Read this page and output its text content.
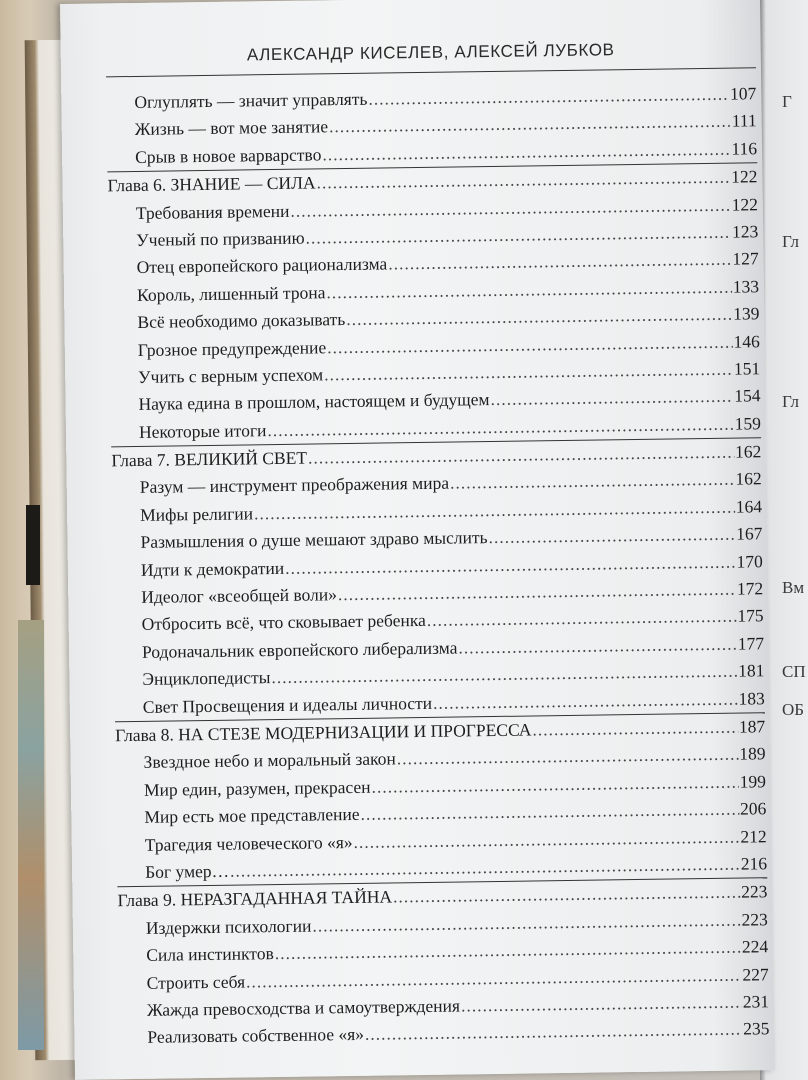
Г
Гл
Гл
Вм
СП
ОБ
АЛЕКСАНДР КИСЕЛЕВ, АЛЕКСЕЙ ЛУБКОВ
Оглуплять — значит управлять .....	107
Жизнь — вот мое занятие .....	111
Срыв в новое варварство .....	116
Глава 6. ЗНАНИЕ — СИЛА .....	122
Требования времени .....	122
Ученый по призванию .....	123
Отец европейского рационализма .....	127
Король, лишенный трона .....	133
Всё необходимо доказывать .....	139
Грозное предупреждение .....	146
Учить с верным успехом .....	151
Наука едина в прошлом, настоящем и будущем .....	154
Некоторые итоги .....	159
Глава 7. ВЕЛИКИЙ СВЕТ .....	162
Разум — инструмент преображения мира .....	162
Мифы религии .....	164
Размышления о душе мешают здраво мыслить .....	167
Идти к демократии .....	170
Идеолог «всеобщей воли» .....	172
Отбросить всё, что сковывает ребенка .....	175
Родоначальник европейского либерализма .....	177
Энциклопедисты .....	181
Свет Просвещения и идеалы личности .....	183
Глава 8. НА СТЕЗЕ МОДЕРНИЗАЦИИ И ПРОГРЕССА .....	187
Звездное небо и моральный закон .....	189
Мир един, разумен, прекрасен .....	199
Мир есть мое представление .....	206
Трагедия человеческого «я» .....	212
Бог умер… .....	216
Глава 9. НЕРАЗГАДАННАЯ ТАЙНА .....	223
Издержки психологии .....	223
Сила инстинктов .....	224
Строить себя .....	227
Жажда превосходства и самоутверждения .....	231
Реализовать собственное «я» .....	235
